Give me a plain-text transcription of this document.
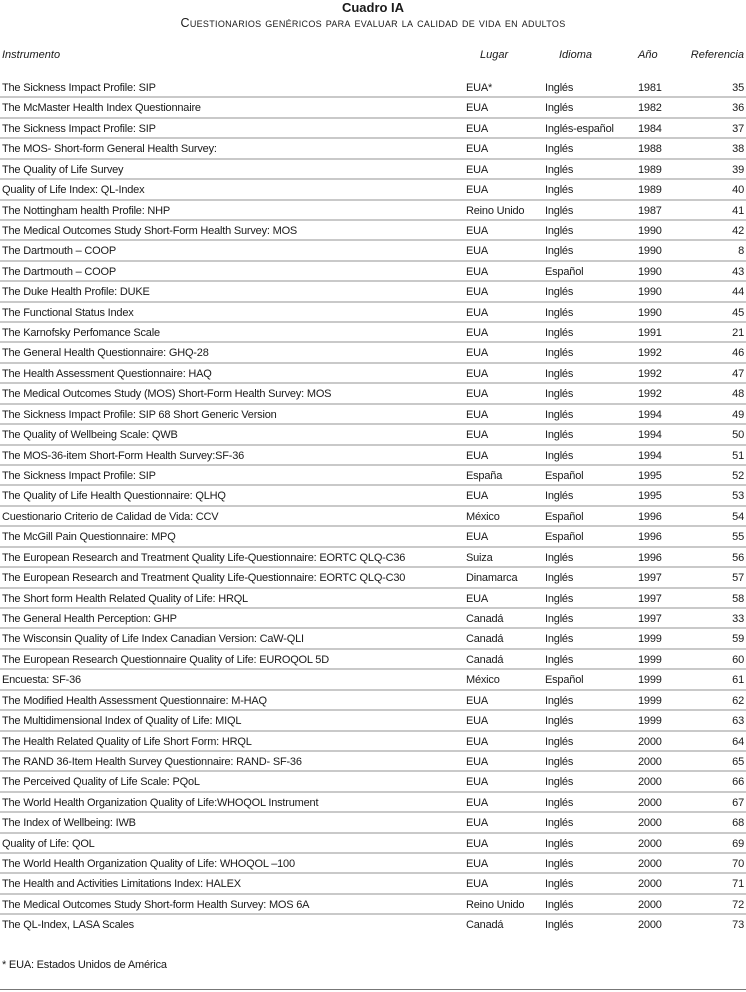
Cuadro IA
Cuestionarios genéricos para evaluar la calidad de vida en adultos
Instrumento	Lugar	Idioma	Año	Referencia
The Sickness Impact Profile: SIP	EUA*	Inglés	1981	35
The McMaster Health Index Questionnaire	EUA	Inglés	1982	36
The Sickness Impact Profile: SIP	EUA	Inglés-español 1984	37
The MOS- Short-form General Health Survey:	EUA	Inglés	1988	38
The Quality of Life Survey	EUA	Inglés	1989	39
Quality of Life Index: QL-Index	EUA	Inglés	1989	40
The Nottingham health Profile: NHP	Reino Unido Inglés	1987	41
The Medical Outcomes Study Short-Form Health Survey: MOS	EUA	Inglés	1990	42
The Dartmouth – COOP	EUA	Inglés	1990	8
The Dartmouth – COOP	EUA	Español	1990	43
The Duke Health Profile: DUKE	EUA	Inglés	1990	44
The Functional Status Index	EUA	Inglés	1990	45
The Karnofsky Perfomance Scale	EUA	Inglés	1991	21
The General Health Questionnaire: GHQ-28	EUA	Inglés	1992	46
The Health Assessment Questionnaire: HAQ	EUA	Inglés	1992	47
The Medical Outcomes Study (MOS) Short-Form Health Survey: MOS	EUA	Inglés	1992	48
The Sickness Impact Profile: SIP 68 Short Generic Version	EUA	Inglés	1994	49
The Quality of Wellbeing Scale: QWB	EUA	Inglés	1994	50
The MOS-36-item Short-Form Health Survey:SF-36	EUA	Inglés	1994	51
The Sickness Impact Profile: SIP	España	Español	1995	52
The Quality of Life Health Questionnaire: QLHQ	EUA	Inglés	1995	53
Cuestionario Criterio de Calidad de Vida: CCV	México	Español	1996	54
The McGill Pain Questionnaire: MPQ	EUA	Español	1996	55
The European Research and Treatment Quality Life-Questionnaire: EORTC QLQ-C36	Suiza	Inglés	1996	56
The European Research and Treatment Quality Life-Questionnaire: EORTC QLQ-C30	Dinamarca	Inglés	1997	57
The Short form Health Related Quality of Life: HRQL	EUA	Inglés	1997	58
The General Health Perception: GHP	Canadá	Inglés	1997	33
The Wisconsin Quality of Life Index Canadian Version: CaW-QLI	Canadá	Inglés	1999	59
The European Research Questionnaire Quality of Life: EUROQOL 5D	Canadá	Inglés	1999	60
Encuesta: SF-36	México	Español	1999	61
The Modified Health Assessment Questionnaire: M-HAQ	EUA	Inglés	1999	62
The Multidimensional Index of Quality of Life: MIQL	EUA	Inglés	1999	63
The Health Related Quality of Life Short Form: HRQL	EUA	Inglés	2000	64
The RAND 36-Item Health Survey Questionnaire: RAND- SF-36	EUA	Inglés	2000	65
The Perceived Quality of Life Scale: PQoL	EUA	Inglés	2000	66
The World Health Organization Quality of Life:WHOQOL Instrument	EUA	Inglés	2000	67
The Index of Wellbeing: IWB	EUA	Inglés	2000	68
Quality of Life: QOL	EUA	Inglés	2000	69
The World Health Organization Quality of Life: WHOQOL –100	EUA	Inglés	2000	70
The Health and Activities Limitations Index: HALEX	EUA	Inglés	2000	71
The Medical Outcomes Study Short-form Health Survey: MOS 6A	Reino Unido Inglés	2000	72
The QL-Index, LASA Scales	Canadá	Inglés	2000	73
* EUA: Estados Unidos de América
